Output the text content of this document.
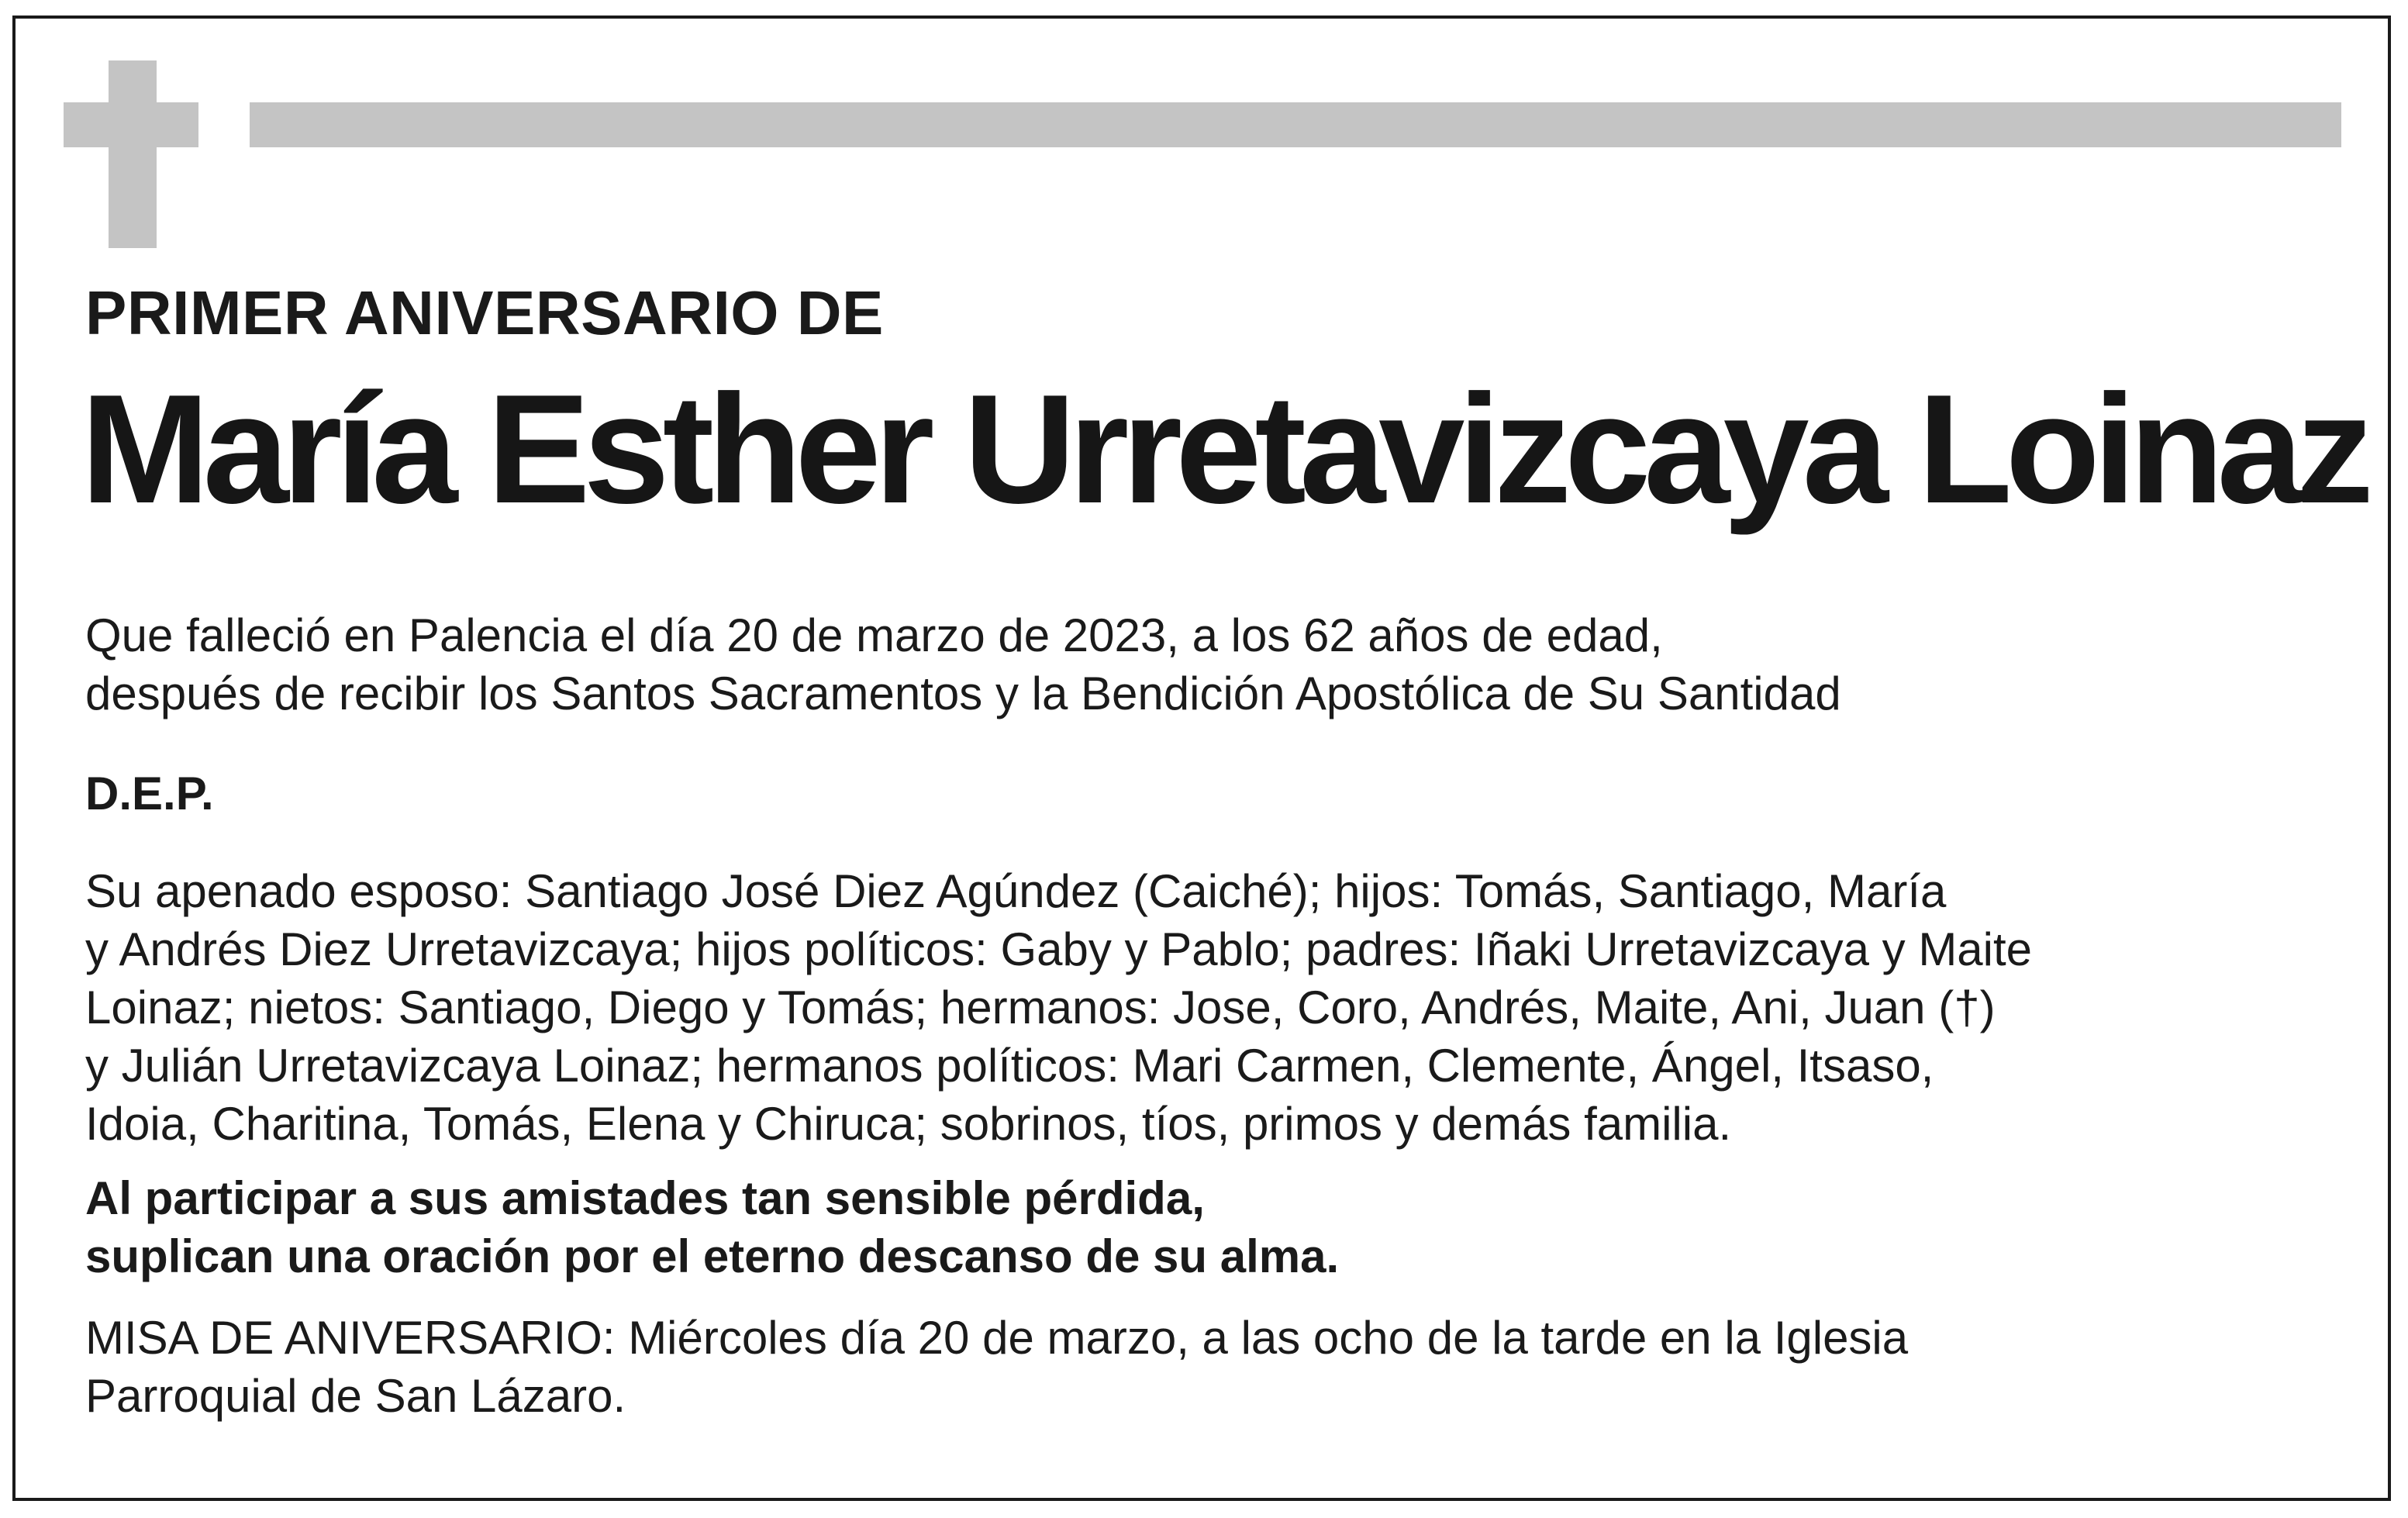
PRIMER ANIVERSARIO DE
María Esther Urretavizcaya Loinaz
Que falleció en Palencia el día 20 de marzo de 2023, a los 62 años de edad,
después de recibir los Santos Sacramentos y la Bendición Apostólica de Su Santidad
D.E.P.
Su apenado esposo: Santiago José Diez Agúndez (Caiché); hijos: Tomás, Santiago, María
y Andrés Diez Urretavizcaya; hijos políticos: Gaby y Pablo; padres: Iñaki Urretavizcaya y Maite
Loinaz; nietos: Santiago, Diego y Tomás; hermanos: Jose, Coro, Andrés, Maite, Ani, Juan (†)
y Julián Urretavizcaya Loinaz; hermanos políticos: Mari Carmen, Clemente, Ángel, Itsaso,
Idoia, Charitina, Tomás, Elena y Chiruca; sobrinos, tíos, primos y demás familia.
Al participar a sus amistades tan sensible pérdida,
suplican una oración por el eterno descanso de su alma.
MISA DE ANIVERSARIO: Miércoles día 20 de marzo, a las ocho de la tarde en la Iglesia
Parroquial de San Lázaro.
